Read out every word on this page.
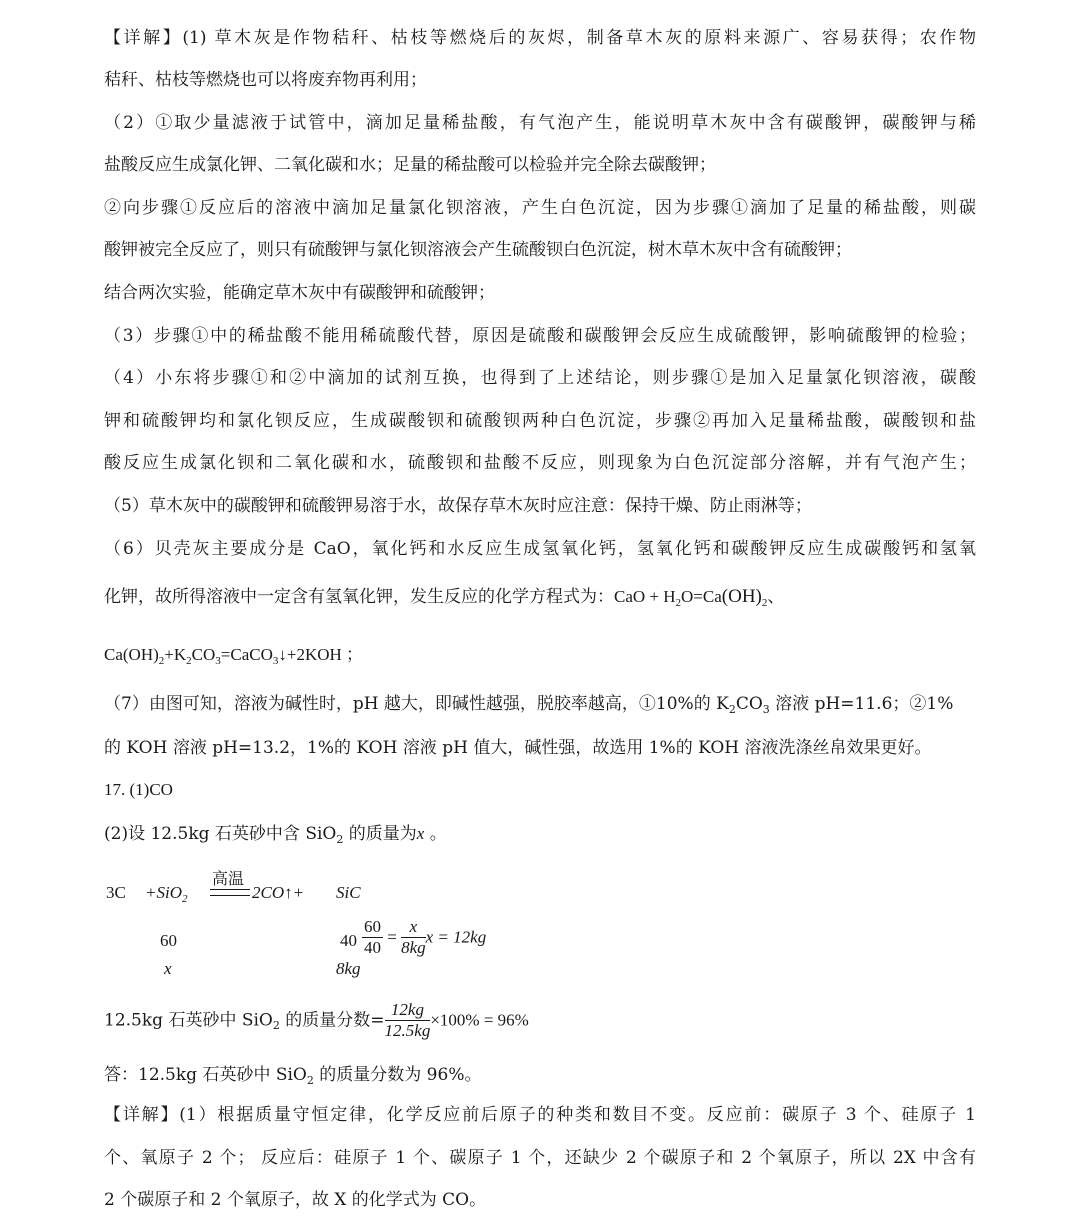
【详解】(1) 草木灰是作物秸秆、枯枝等燃烧后的灰烬，制备草木灰的原料来源广、容易获得；农作物
秸秆、枯枝等燃烧也可以将废弃物再利用；
（2）①取少量滤液于试管中，滴加足量稀盐酸，有气泡产生，能说明草木灰中含有碳酸钾，碳酸钾与稀
盐酸反应生成氯化钾、二氧化碳和水；足量的稀盐酸可以检验并完全除去碳酸钾；
②向步骤①反应后的溶液中滴加足量氯化钡溶液，产生白色沉淀，因为步骤①滴加了足量的稀盐酸，则碳
酸钾被完全反应了，则只有硫酸钾与氯化钡溶液会产生硫酸钡白色沉淀，树木草木灰中含有硫酸钾；
结合两次实验，能确定草木灰中有碳酸钾和硫酸钾；
（3）步骤①中的稀盐酸不能用稀硫酸代替，原因是硫酸和碳酸钾会反应生成硫酸钾，影响硫酸钾的检验；
（4）小东将步骤①和②中滴加的试剂互换，也得到了上述结论，则步骤①是加入足量氯化钡溶液，碳酸
钾和硫酸钾均和氯化钡反应，生成碳酸钡和硫酸钡两种白色沉淀，步骤②再加入足量稀盐酸，碳酸钡和盐
酸反应生成氯化钡和二氧化碳和水，硫酸钡和盐酸不反应，则现象为白色沉淀部分溶解，并有气泡产生；
（5）草木灰中的碳酸钾和硫酸钾易溶于水，故保存草木灰时应注意：保持干燥、防止雨淋等；
（6）贝壳灰主要成分是 CaO，氧化钙和水反应生成氢氧化钙，氢氧化钙和碳酸钾反应生成碳酸钙和氢氧
化钾，故所得溶液中一定含有氢氧化钾，发生反应的化学方程式为：CaO + $H_2O=Ca(OH)_2$、
$Ca(OH)_2+K_2CO_3=CaCO_3↓+2KOH$ ；
（7）由图可知，溶液为碱性时，pH 越大，即碱性越强，脱胶率越高，①10%的 $K_2CO_3$ 溶液 pH=11.6；②1%
的 KOH 溶液 pH=13.2，1%的 KOH 溶液 pH 值大，碱性强，故选用 1%的 KOH 溶液洗涤丝帛效果更好。
17. (1)CO
(2)设 12.5kg 石英砂中含 SiO$_2$ 的质量为x 。
3C +SiO$_2$
高温
2CO↑+ SiC
60
x
40
8kg
$\frac{60}{40} = \frac{x}{8kg}$ x = 12kg
12.5kg 石英砂中 SiO$_2$ 的质量分数= $\frac{12kg}{12.5kg} \times 100\% = 96\%$
答：12.5kg 石英砂中 SiO$_2$ 的质量分数为 96%。
【详解】(1）根据质量守恒定律，化学反应前后原子的种类和数目不变。反应前：碳原子 3 个、硅原子 1
个、氧原子 2 个； 反应后：硅原子 1 个、碳原子 1 个，还缺少 2 个碳原子和 2 个氧原子，所以 2X 中含有
2 个碳原子和 2 个氧原子，故 X 的化学式为 CO。
